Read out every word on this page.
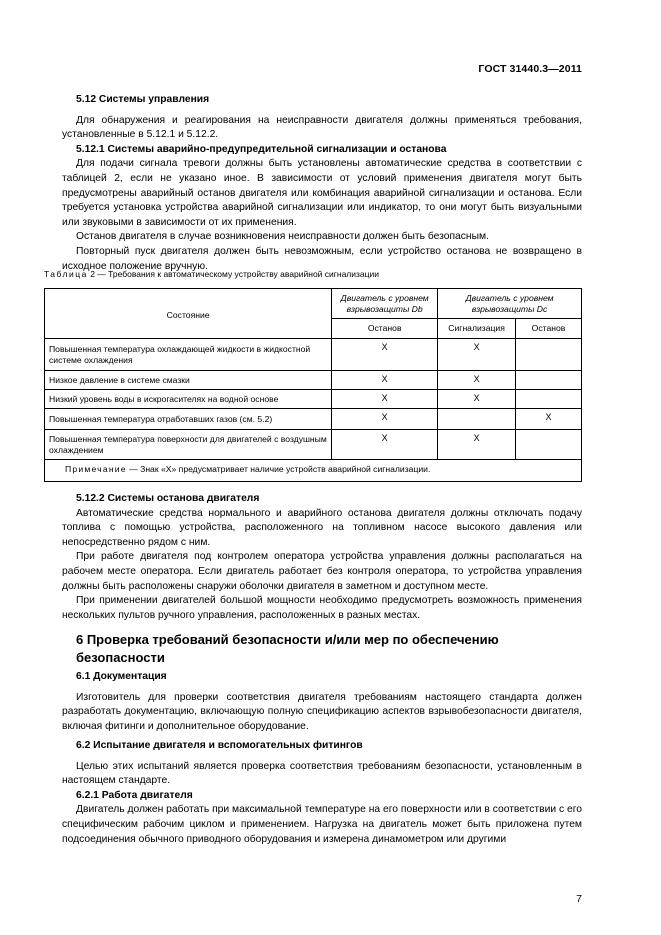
ГОСТ 31440.3—2011

5.12 Системы управления

Для обнаружения и реагирования на неисправности двигателя должны применяться требования, установленные в 5.12.1 и 5.12.2.

5.12.1 Системы аварийно-предупредительной сигнализации и останова

Для подачи сигнала тревоги должны быть установлены автоматические средства в соответствии с таблицей 2, если не указано иное. В зависимости от условий применения двигателя могут быть предусмотрены аварийный останов двигателя или комбинация аварийной сигнализации и останова. Если требуется установка устройства аварийной сигнализации или индикатор, то они могут быть визуальными или звуковыми в зависимости от их применения.

Останов двигателя в случае возникновения неисправности должен быть безопасным.

Повторный пуск двигателя должен быть невозможным, если устройство останова не возвращено в исходное положение вручную.

Таблица 2 — Требования к автоматическому устройству аварийной сигнализации
Состояние	Двигатель с уровнем взрывозащиты Db	Двигатель с уровнем взрывозащиты Dc	
	Останов	Сигнализация	Останов
Повышенная температура охлаждающей жидкости в жидкостной системе охлаждения	X	X	
Низкое давление в системе смазки	X	X	
Низкий уровень воды в искрогасителях на водной основе	X	X	
Повышенная температура отработавших газов (см. 5.2)	X		X
Повышенная температура поверхности для двигателей с воздушным охлаждением	X	X	
Примечание — Знак «X» предусматривает наличие устройств аварийной сигнализации.			

5.12.2 Системы останова двигателя

Автоматические средства нормального и аварийного останова двигателя должны отключать подачу топлива с помощью устройства, расположенного на топливном насосе высокого давления или непосредственно рядом с ним.

При работе двигателя под контролем оператора устройства управления должны располагаться на рабочем месте оператора. Если двигатель работает без контроля оператора, то устройства управления должны быть расположены снаружи оболочки двигателя в заметном и доступном месте.

При применении двигателей большой мощности необходимо предусмотреть возможность применения нескольких пультов ручного управления, расположенных в разных местах.

6 Проверка требований безопасности и/или мер по обеспечению безопасности

6.1 Документация

Изготовитель для проверки соответствия двигателя требованиям настоящего стандарта должен разработать документацию, включающую полную спецификацию аспектов взрывобезопасности двигателя, включая фитинги и дополнительное оборудование.

6.2 Испытание двигателя и вспомогательных фитингов

Целью этих испытаний является проверка соответствия требованиям безопасности, установленным в настоящем стандарте.

6.2.1 Работа двигателя

Двигатель должен работать при максимальной температуре на его поверхности или в соответствии с его специфическим рабочим циклом и применением. Нагрузка на двигатель может быть приложена путем подсоединения обычного приводного оборудования и измерена динамометром или другими

7
